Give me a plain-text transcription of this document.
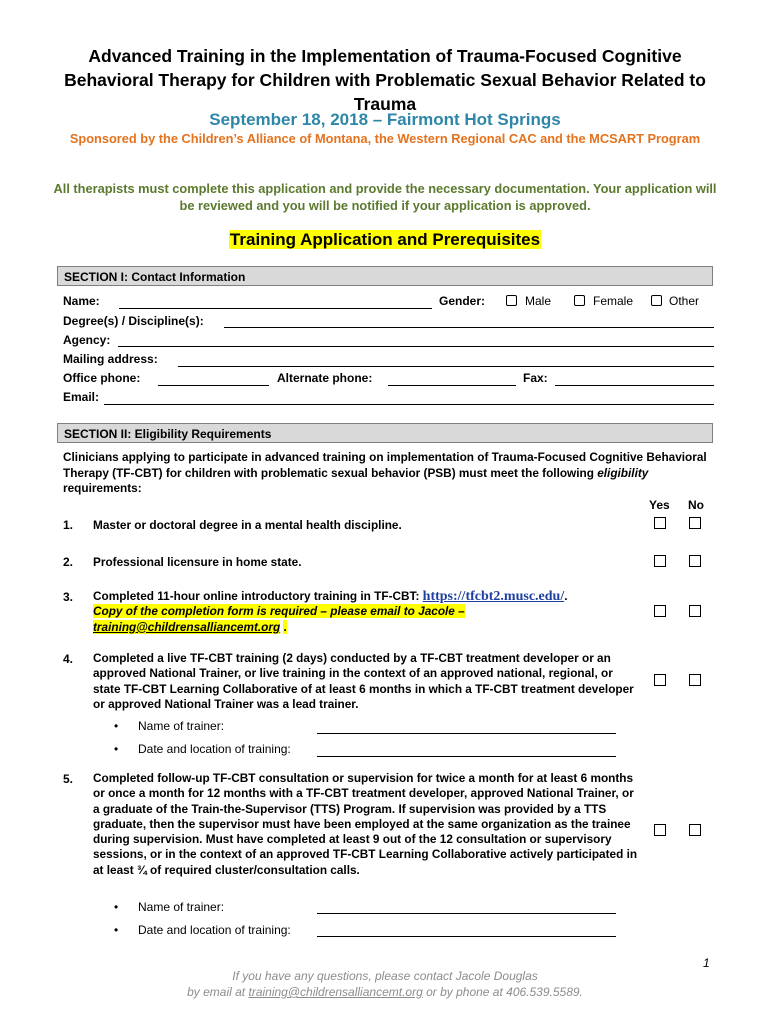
Advanced Training in the Implementation of Trauma-Focused Cognitive
Behavioral Therapy for Children with Problematic Sexual Behavior Related to
Trauma
September 18, 2018 – Fairmont Hot Springs
Sponsored by the Children’s Alliance of Montana, the Western Regional CAC and the MCSART Program
All therapists must complete this application and provide the necessary documentation. Your application will be reviewed and you will be notified if your application is approved.
Training Application and Prerequisites
SECTION I: Contact Information
Name:	Gender:	Male	Female	Other
Degree(s) / Discipline(s):
Agency:
Mailing address:
Office phone:	Alternate phone:	Fax:
Email:
SECTION II: Eligibility Requirements
Clinicians applying to participate in advanced training on implementation of Trauma-Focused Cognitive Behavioral Therapy (TF-CBT) for children with problematic sexual behavior (PSB) must meet the following eligibility requirements:
Yes No
1. Master or doctoral degree in a mental health discipline.
2. Professional licensure in home state.
3. Completed 11-hour online introductory training in TF-CBT: https://tfcbt2.musc.edu/.
Copy of the completion form is required – please email to Jacole –
training@childrensalliancemt.org .
4. Completed a live TF-CBT training (2 days) conducted by a TF-CBT treatment developer or an approved National Trainer, or live training in the context of an approved national, regional, or state TF-CBT Learning Collaborative of at least 6 months in which a TF-CBT treatment developer or approved National Trainer was a lead trainer.
• Name of trainer:
• Date and location of training:
5. Completed follow-up TF-CBT consultation or supervision for twice a month for at least 6 months or once a month for 12 months with a TF-CBT treatment developer, approved National Trainer, or a graduate of the Train-the-Supervisor (TTS) Program. If supervision was provided by a TTS graduate, then the supervisor must have been employed at the same organization as the trainee during supervision. Must have completed at least 9 out of the 12 consultation or supervisory sessions, or in the context of an approved TF-CBT Learning Collaborative actively participated in at least ¾ of required cluster/consultation calls.
• Name of trainer:
• Date and location of training:
1
If you have any questions, please contact Jacole Douglas
by email at training@childrensalliancemt.org or by phone at 406.539.5589.
